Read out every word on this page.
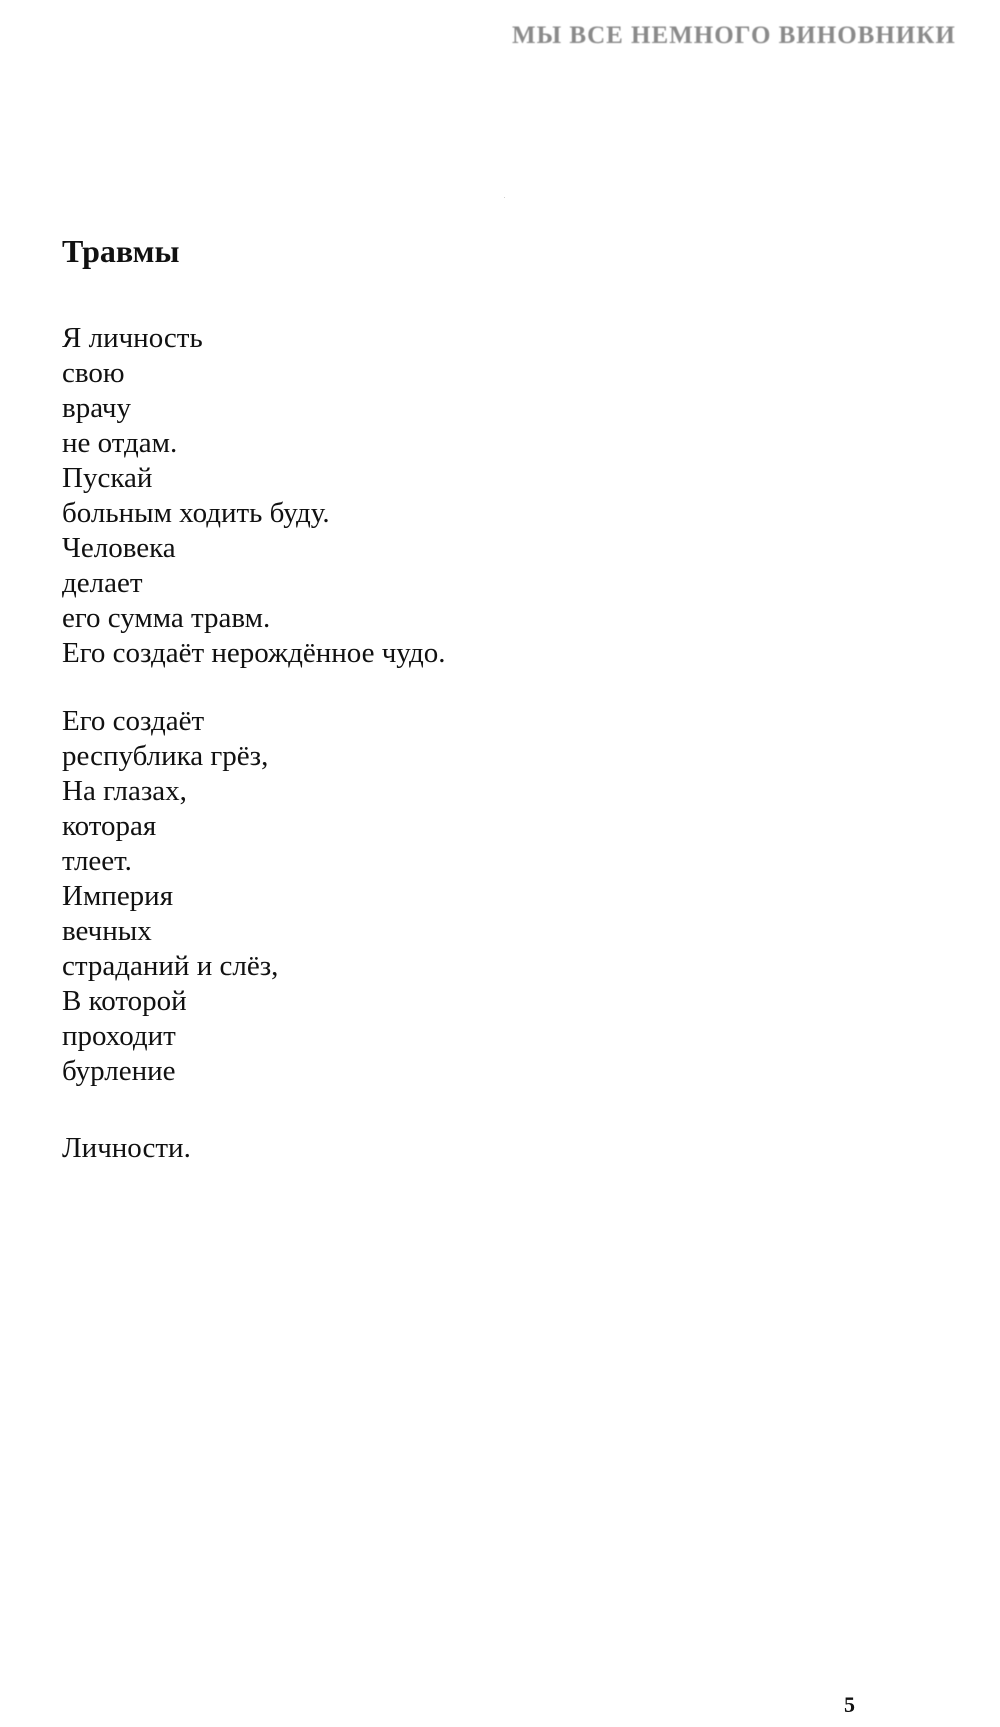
МЫ ВСЕ НЕМНОГО ВИНОВНИКИ
Травмы
Я личность
свою
врачу
не отдам.
Пускай
больным ходить буду.
Человека
делает
его сумма травм.
Его создаёт нерождённое чудо.
Его создаёт
республика грёз,
На глазах,
которая
тлеет.
Империя
вечных
страданий и слёз,
В которой
проходит
бурление
Личности.
5
